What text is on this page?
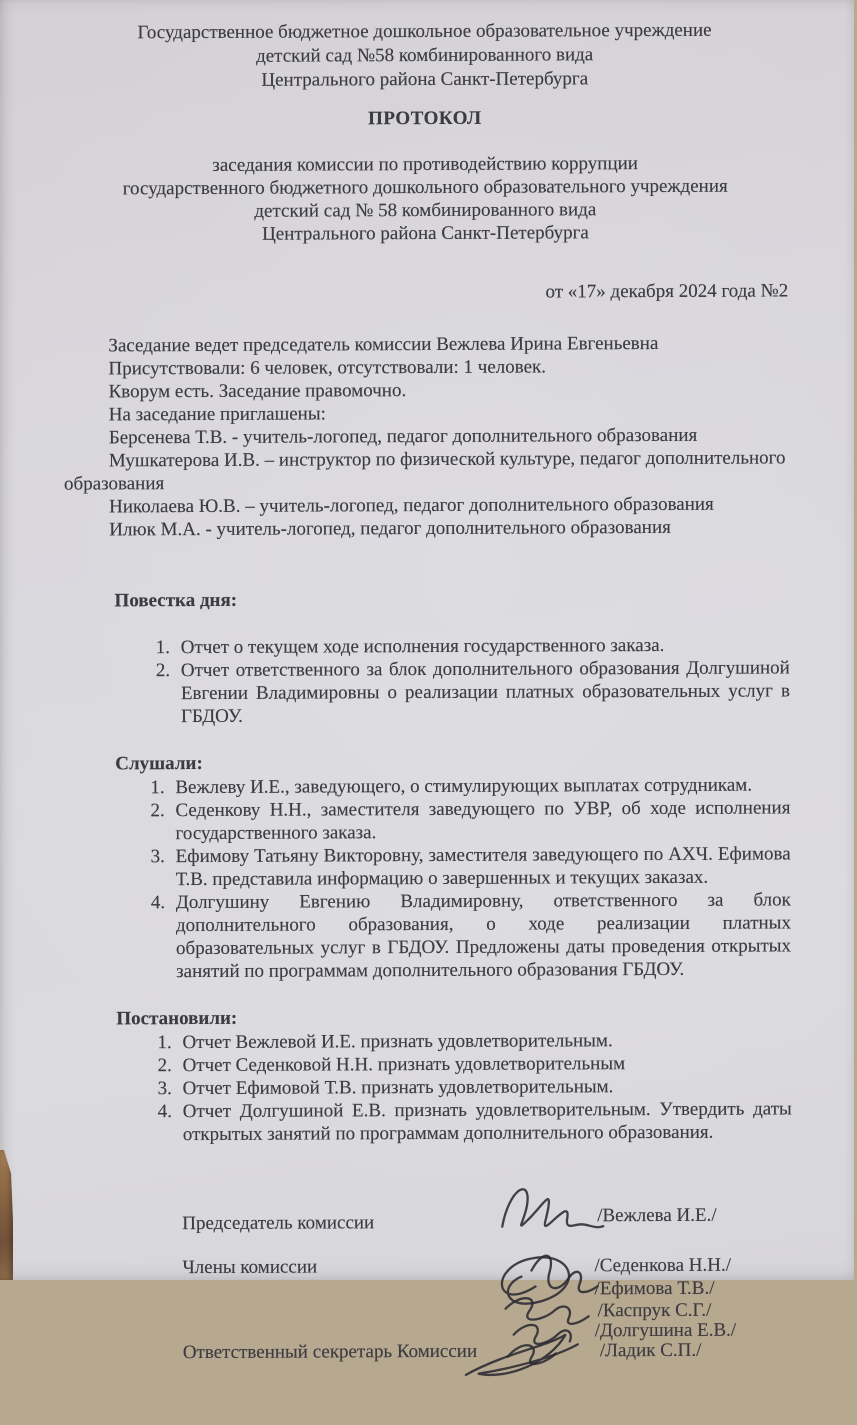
Государственное бюджетное дошкольное образовательное учреждение

детский сад №58 комбинированного вида

Центрального района Санкт-Петербурга

ПРОТОКОЛ

заседания комиссии по противодействию коррупции

государственного бюджетного дошкольного образовательного учреждения

детский сад № 58 комбинированного вида

Центрального района Санкт-Петербурга

от «17» декабря 2024 года №2

Заседание ведет председатель комиссии Вежлева Ирина Евгеньевна

Присутствовали: 6 человек, отсутствовали: 1 человек.

Кворум есть. Заседание правомочно.

На заседание приглашены:

Берсенева Т.В. - учитель-логопед, педагог дополнительного образования

Мушкатерова И.В. – инструктор по физической культуре, педагог дополнительного образования

Николаева Ю.В. – учитель-логопед, педагог дополнительного образования

Илюк М.А. - учитель-логопед, педагог дополнительного образования

Повестка дня:

1. Отчет о текущем ходе исполнения государственного заказа.
2. Отчет ответственного за блок дополнительного образования Долгушиной Евгении Владимировны о реализации платных образовательных услуг в ГБДОУ.

Слушали:

1. Вежлеву И.Е., заведующего, о стимулирующих выплатах сотрудникам.
2. Седенкову Н.Н., заместителя заведующего по УВР, об ходе исполнения государственного заказа.
3. Ефимову Татьяну Викторовну, заместителя заведующего по АХЧ. Ефимова Т.В. представила информацию о завершенных и текущих заказах.
4. Долгушину Евгению Владимировну, ответственного за блок дополнительного образования, о ходе реализации платных образовательных услуг в ГБДОУ. Предложены даты проведения открытых занятий по программам дополнительного образования ГБДОУ.

Постановили:

1. Отчет Вежлевой И.Е. признать удовлетворительным.
2. Отчет Седенковой Н.Н. признать удовлетворительным
3. Отчет Ефимовой Т.В. признать удовлетворительным.
4. Отчет Долгушиной Е.В. признать удовлетворительным. Утвердить даты открытых занятий по программам дополнительного образования.
Председатель комиссии
Члены комиссии
Ответственный секретарь Комиссии
/Вежлева И.Е./
/Седенкова Н.Н./
/Ефимова Т.В./
/Каспрук С.Г./
/Долгушина Е.В./
/Ладик С.П./
